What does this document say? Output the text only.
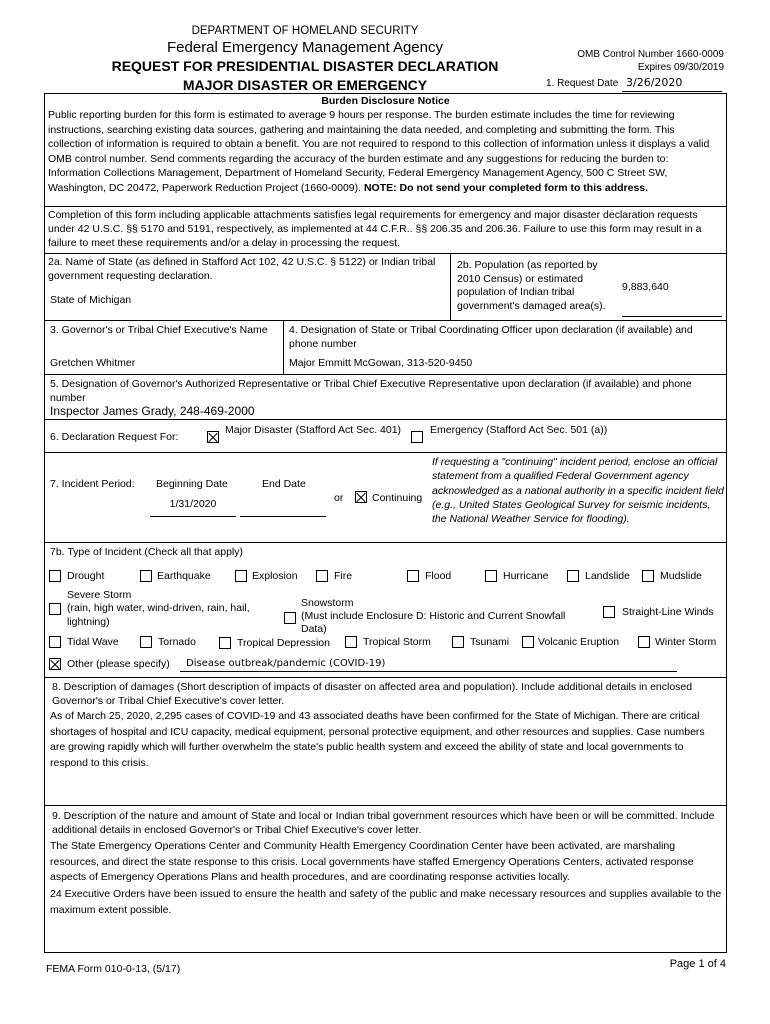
DEPARTMENT OF HOMELAND SECURITY
Federal Emergency Management Agency
REQUEST FOR PRESIDENTIAL DISASTER DECLARATION
MAJOR DISASTER OR EMERGENCY
OMB Control Number 1660-0009
Expires 09/30/2019
1. Request Date 3/26/2020
Burden Disclosure Notice
Public reporting burden for this form is estimated to average 9 hours per response. The burden estimate includes the time for reviewing instructions, searching existing data sources, gathering and maintaining the data needed, and completing and submitting the form. This collection of information is required to obtain a benefit. You are not required to respond to this collection of information unless it displays a valid OMB control number. Send comments regarding the accuracy of the burden estimate and any suggestions for reducing the burden to: Information Collections Management, Department of Homeland Security, Federal Emergency Management Agency, 500 C Street SW, Washington, DC 20472, Paperwork Reduction Project (1660-0009). NOTE: Do not send your completed form to this address.
Completion of this form including applicable attachments satisfies legal requirements for emergency and major disaster declaration requests under 42 U.S.C. §§ 5170 and 5191, respectively, as implemented at 44 C.F.R.. §§ 206.35 and 206.36. Failure to use this form may result in a failure to meet these requirements and/or a delay in processing the request.
2a. Name of State (as defined in Stafford Act 102, 42 U.S.C. § 5122) or Indian tribal government requesting declaration.
State of Michigan
2b. Population (as reported by 2010 Census) or estimated population of Indian tribal government's damaged area(s).
9,883,640
3. Governor's or Tribal Chief Executive's Name
Gretchen Whitmer
4. Designation of State or Tribal Coordinating Officer upon declaration (if available) and phone number
Major Emmitt McGowan, 313-520-9450
5. Designation of Governor's Authorized Representative or Tribal Chief Executive Representative upon declaration (if available) and phone number
Inspector James Grady, 248-469-2000
6. Declaration Request For:
Major Disaster (Stafford Act Sec. 401)	Emergency (Stafford Act Sec. 501 (a))
7. Incident Period: Beginning Date	End Date
1/31/2020	or	Continuing
If requesting a "continuing" incident period, enclose an official statement from a qualified Federal Government agency acknowledged as a national authority in a specific incident field (e.g., United States Geological Survey for seismic incidents, the National Weather Service for flooding).
7b. Type of Incident (Check all that apply)
Drought	Earthquake	Explosion	Fire	Flood	Hurricane	Landslide	Mudslide
Severe Storm
(rain, high water, wind-driven, rain, hail,
lightning)
Snowstorm
(Must include Enclosure D: Historic and Current Snowfall
Data)
Straight-Line Winds
Tidal Wave	Tornado	Tropical Depression	Tropical Storm	Tsunami	Volcanic Eruption	Winter Storm
Other (please specify) Disease outbreak/pandemic (COVID-19)
8. Description of damages (Short description of impacts of disaster on affected area and population). Include additional details in enclosed Governor's or Tribal Chief Executive's cover letter.
As of March 25, 2020, 2,295 cases of COVID-19 and 43 associated deaths have been confirmed for the State of Michigan. There are critical shortages of hospital and ICU capacity, medical equipment, personal protective equipment, and other resources and supplies. Case numbers are growing rapidly which will further overwhelm the state's public health system and exceed the ability of state and local governments to respond to this crisis.
9. Description of the nature and amount of State and local or Indian tribal government resources which have been or will be committed. Include additional details in enclosed Governor's or Tribal Chief Executive's cover letter.
The State Emergency Operations Center and Community Health Emergency Coordination Center have been activated, are marshaling resources, and direct the state response to this crisis. Local governments have staffed Emergency Operations Centers, activated response aspects of Emergency Operations Plans and health procedures, and are coordinating response activities locally.
24 Executive Orders have been issued to ensure the health and safety of the public and make necessary resources and supplies available to the maximum extent possible.
FEMA Form 010-0-13, (5/17)	Page 1 of 4
